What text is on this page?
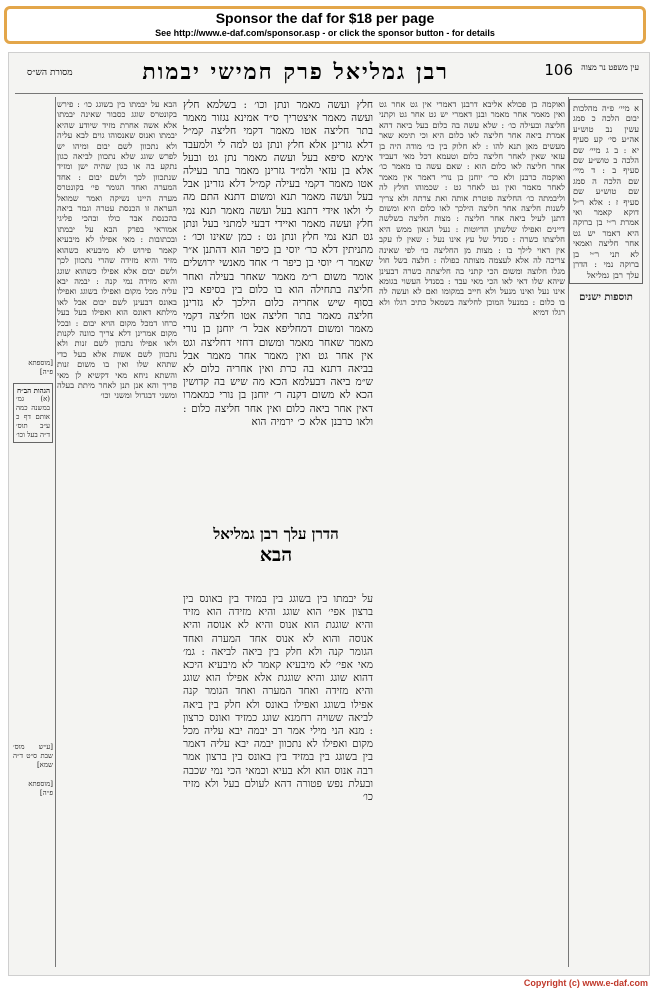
Sponsor the daf for $18 per page
See http://www.e-daf.com/sponsor.asp - or click the sponsor button - for details
106
רבן גמליאל פרק חמישי יבמות
מסורת הש״ס
עין משפט נר מצוה
א מיי׳ פ״ה מהלכות יבום הלכה כ סמג עשין נב טוש״ע אה״ע סי׳ קע סעיף יא : ב ג מיי׳ שם הלכה ב טוש״ע שם סעיף ב : ד מיי׳ שם הלכה ה סמג שם טוש״ע שם סעיף ז : אלא ר״ל דוקא קאמר ואי אמרת ר״י בן ברוקה היא דאמר יש גט אחר חליצה ואמאי לא תני ר״י בן ברוקה נמי : הדרן עלך רבן גמליאל
תוספות ישנים
ואוקמה בן פכולא אליבא דרבנן דאמרי אין גט אחר גט ואין מאמר אחר מאמר ובנן דאמרי יש גט אחר גט וקתני חליצה ובעילה כו׳ : שלא עשה בה כלום בעל ביאה דהא אמרת ביאה אחר חליצה לאו כלום היא וכי תימא שאר מעשים מאן תנא להו : לא חלוק בין כו׳ מודה היה בן עזאי שאין לאחר חליצה כלום וטעמא דכל מאי דעביד אחר חליצה לאו כלום הוא : שאם עשה בו מאמר כו׳ ואוקמה כרבנן ולא כר׳ יוחנן בן נורי דאמר אין מאמר לאחר מאמר ואין גט לאחר גט : שכמוהו חולץ לה וליבמתה כו׳ החליצה פוטרת אותה ואת צרתה ולא צריך לשנות חליצה אחר חליצה הילכך לאו כלום היא ומשום דתנן לעיל ביאה אחר חליצה : מצות חליצה בשלשה דיינים ואפילו שלשתן הדיוטות : נעל הגאון ממש היא חליצתו כשרה : סנדל של עץ אינו נעל : שאין לו עקב אין ראוי לילך בו : מצות מן החליצה כו׳ לפי שאינה צריכה לה אלא לעצמה מצותה כפולה : חלצה בשל חול מגלו חלוצה ומשום הכי קתני בה חליצתה כשרה דבעינן שיהא שלו דאי לאו הכי מאי עבד : בסנדל העשוי בגומא אינו נעל ואינו מנעל ולא חייב במקומו ואם לא ועשה לה בו כלום : במנעל המוכן לחליצה בשמאל כתיב רגלו ולא רגלו דמיא
חלץ ועשה מאמר ונתן וכו׳ : בשלמא חלץ ועשה מאמר איצטריך ס״ד אמינא נגזור מאמר בתר חליצה אטו מאמר דקמי חליצה קמ״ל דלא גזרינן אלא חלץ ונתן גט למה לי ולמעבד אימא סיפא בעל ועשה מאמר נתן גט ובעל אלא בן עזאי ולמ״ד גזרינן מאמר בתר בעילה אטו מאמר דקמי בעילה קמ״ל דלא גזרינן אבל בעל ועשה מאמר תנא ומשום דתנא התם מה לי ולאו אידי דתנא בעל ועשה מאמר תנא נמי חלץ ועשה מאמר ואיידי דבעי למתני בעל ונתן גט תנא נמי חלץ ונתן גט : כמן שאינו וכו׳ : מתניתין דלא כר׳ יוסי בן כיפר הוא דהתנן א״ר שאמר ר׳ יוסי בן כיפר ר׳ אחד מאנשי ירושלים אומר משום ר״מ מאמר שאחר בעילה ואחר חליצה בתחילה הוא בו כלום בין בסיפא בין בסוף שיש אחריה כלום הילכך לא גזרינן חליצה מאמר בתר חליצה אטו חליצה דקמי מאמר ומשום דמחליפא אבל ר׳ יוחנן בן נורי מאמר שאחר מאמר ומשום דחזי דחליצה וגט אין אחר גט ואין מאמר אחר מאמר אבל בביאה דתנא בה כרת ואין אחריה כלום לא ש״מ ביאה דבעלמא הכא מה שיש בה קדושין הכא לא משום דקנה ר׳ יוחנן בן נורי כמאמרו דאין אחר ביאה כלום ואין אחר חליצה כלום : ולאו כרבנן אלא כ׳ ירמיה הוא
הדרן עלך רבן גמליאל
הבא
על יבמתו בין בשוגג בין במזיד בין באונס בין ברצון אפי׳ הוא שוגג והיא מזידה הוא מזיד והיא שוגגת הוא אנוס והיא לא אנוסה והיא אנוסה והוא לא אנוס אחד המערה ואחד הגומר קנה ולא חלק בין ביאה לביאה : גמ׳ מאי אפי׳ לא מיבעיא קאמר לא מיבעיא היכא דהוא שוגג והיא שוגגת אלא אפילו הוא שוגג והיא מזידה ואחד המערה ואחד הגומר קנה אפילו בשוגג ואפילו באונס ולא חלק בין ביאה לביאה ששויה רחמנא שוגג כמזיד ואונס כרצון : מנא הני מילי אמר רב יבמה יבא עליה מכל מקום ואפילו לא נתכוון יבמה יבא עליה דאמר בין בשוגג בין במזיד בין באונס בין ברצון אמר רבה אנוס הוא ולא בעיא וכמאי הכי נמי שכבה ובעלת נפש פטורה דהא לעולם בעל ולא מזיד כו׳
הבא על יבמתו בין בשוגג כו׳ : פירש בקונטרס שוגג כסבור שאינה יבמתו אלא אשה אחרת מזיד שיודע שהיא יבמתו ואנוס שאנסוהו גוים לבא עליה ולא נתכוון לשם יבום ומיהו יש לפרש שוגג שלא נתכוון לביאה כגון נתקע בה או כגון שהיה ישן ומזיד שנתכוון לכך ולשם יבום : אחד המערה ואחד הגומר פי׳ בקונטרס מערה היינו נשיקה ואמר שמואל העראה זו הכנסת עטרה וגמר ביאה בהכנסת אבר כולו ובהכי פליגי אמוראי בפרק הבא על יבמתו ובכתובות : מאי אפילו לא מיבעיא קאמר פירוש לא מיבעיא כשהוא מזיד והיא מזידה שהרי נתכוון לכך ולשם יבום אלא אפילו כשהוא שוגג והיא מזידה נמי קנה : יבמה יבא עליה מכל מקום ואפילו בשוגג ואפילו באונס דבעינן לשם יבום אבל לאו מילתא דאונס הוא ואפילו בעל בעל כרחו דמכל מקום הויא יבום : ובכל מקום אמרינן דלא צריך כוונה לקנות ולאו אפילו נתכוון לשם זנות ולא נתכוון לשם אשות אלא בעל כדי שתהא שלו ואין בו משום זנות והשתא ניחא מאי דקשיא לן מאי פריך והא אנן תנן לאחר מיתת בעלה ומשני דבגדול ומשני וכו׳
[מוספתא פ״ה]
הגהות הב״ח
(א) גמ׳ במשנה כמה אותם דף כ ע״ב תוס׳ ד״ה בעל וכו׳
[ע״ש מוס׳ שבת ס״ט ד״ה שמא]
[מוספתא פ״ה]
Copyright (c) www.e-daf.com
